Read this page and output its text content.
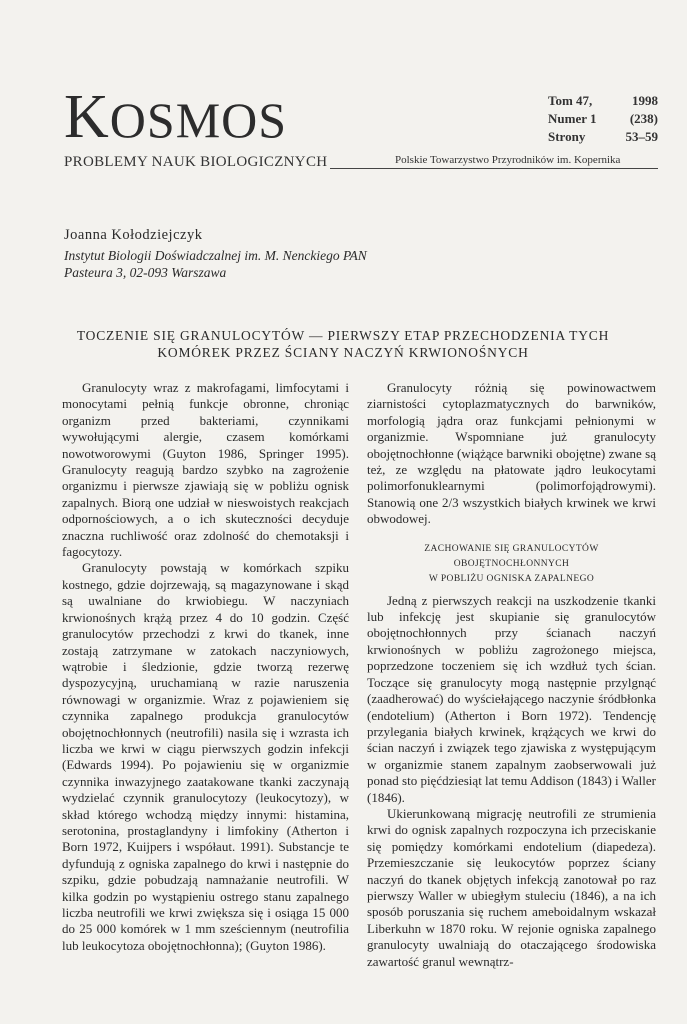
KOSMOS
PROBLEMY NAUK BIOLOGICZNYCH	Polskie Towarzystwo Przyrodników im. Kopernika
Tom 47,	1998
Numer 1	(238)
Strony	53–59
Joanna Kołodziejczyk
Instytut Biologii Doświadczalnej im. M. Nenckiego PAN
Pasteura 3, 02-093 Warszawa
TOCZENIE SIĘ GRANULOCYTÓW — PIERWSZY ETAP PRZECHODZENIA TYCH
KOMÓREK PRZEZ ŚCIANY NACZYŃ KRWIONOŚNYCH

Granulocyty wraz z makrofagami, limfocytami i monocytami pełnią funkcje obronne, chroniąc organizm przed bakteriami, czynnikami wywołującymi alergie, czasem komórkami nowotworowymi (Guyton 1986, Springer 1995). Granulocyty reagują bardzo szybko na zagrożenie organizmu i pierwsze zjawiają się w pobliżu ognisk zapalnych. Biorą one udział w nieswoistych reakcjach odpornościowych, a o ich skuteczności decyduje znaczna ruchliwość oraz zdolność do chemotaksji i fagocytozy.

Granulocyty powstają w komórkach szpiku kostnego, gdzie dojrzewają, są magazynowane i skąd są uwalniane do krwiobiegu. W naczyniach krwionośnych krążą przez 4 do 10 godzin. Część granulocytów przechodzi z krwi do tkanek, inne zostają zatrzymane w zatokach naczyniowych, wątrobie i śledzionie, gdzie tworzą rezerwę dyspozycyjną, uruchamianą w razie naruszenia równowagi w organizmie. Wraz z pojawieniem się czynnika zapalnego produkcja granulocytów obojętnochłonnych (neutrofili) nasila się i wzrasta ich liczba we krwi w ciągu pierwszych godzin infekcji (Edwards 1994). Po pojawieniu się w organizmie czynnika inwazyjnego zaatakowane tkanki zaczynają wydzielać czynnik granulocytozy (leukocytozy), w skład którego wchodzą między innymi: histamina, serotonina, prostaglandyny i limfokiny (Atherton i Born 1972, Kuijpers i współaut. 1991). Substancje te dyfundują z ogniska zapalnego do krwi i następnie do szpiku, gdzie pobudzają namnażanie neutrofili. W kilka godzin po wystąpieniu ostrego stanu zapalnego liczba neutrofili we krwi zwiększa się i osiąga 15 000 do 25 000 komórek w 1 mm sześciennym (neutrofilia lub leukocytoza obojętnochłonna); (Guyton 1986).

Granulocyty różnią się powinowactwem ziarnistości cytoplazmatycznych do barwników, morfologią jądra oraz funkcjami pełnionymi w organizmie. Wspomniane już granulocyty obojętnochłonne (wiążące barwniki obojętne) zwane są też, ze względu na płatowate jądro leukocytami polimorfonuklearnymi (polimorfojądrowymi). Stanowią one 2/3 wszystkich białych krwinek we krwi obwodowej.

ZACHOWANIE SIĘ GRANULOCYTÓW OBOJĘTNOCHŁONNYCH
W POBLIŻU OGNISKA ZAPALNEGO

Jedną z pierwszych reakcji na uszkodzenie tkanki lub infekcję jest skupianie się granulocytów obojętnochłonnych przy ścianach naczyń krwionośnych w pobliżu zagrożonego miejsca, poprzedzone toczeniem się ich wzdłuż tych ścian. Toczące się granulocyty mogą następnie przylgnąć (zaadherować) do wyściełającego naczynie śródbłonka (endotelium) (Atherton i Born 1972). Tendencję przylegania białych krwinek, krążących we krwi do ścian naczyń i związek tego zjawiska z występującym w organizmie stanem zapalnym zaobserwowali już ponad sto pięćdziesiąt lat temu Addison (1843) i Waller (1846).

Ukierunkowaną migrację neutrofili ze strumienia krwi do ognisk zapalnych rozpoczyna ich przeciskanie się pomiędzy komórkami endotelium (diapedeza). Przemieszczanie się leukocytów poprzez ściany naczyń do tkanek objętych infekcją zanotował po raz pierwszy Waller w ubiegłym stuleciu (1846), a na ich sposób poruszania się ruchem ameboidalnym wskazał Liberkuhn w 1870 roku. W rejonie ogniska zapalnego granulocyty uwalniają do otaczającego środowiska zawartość granul wewnątrz-
